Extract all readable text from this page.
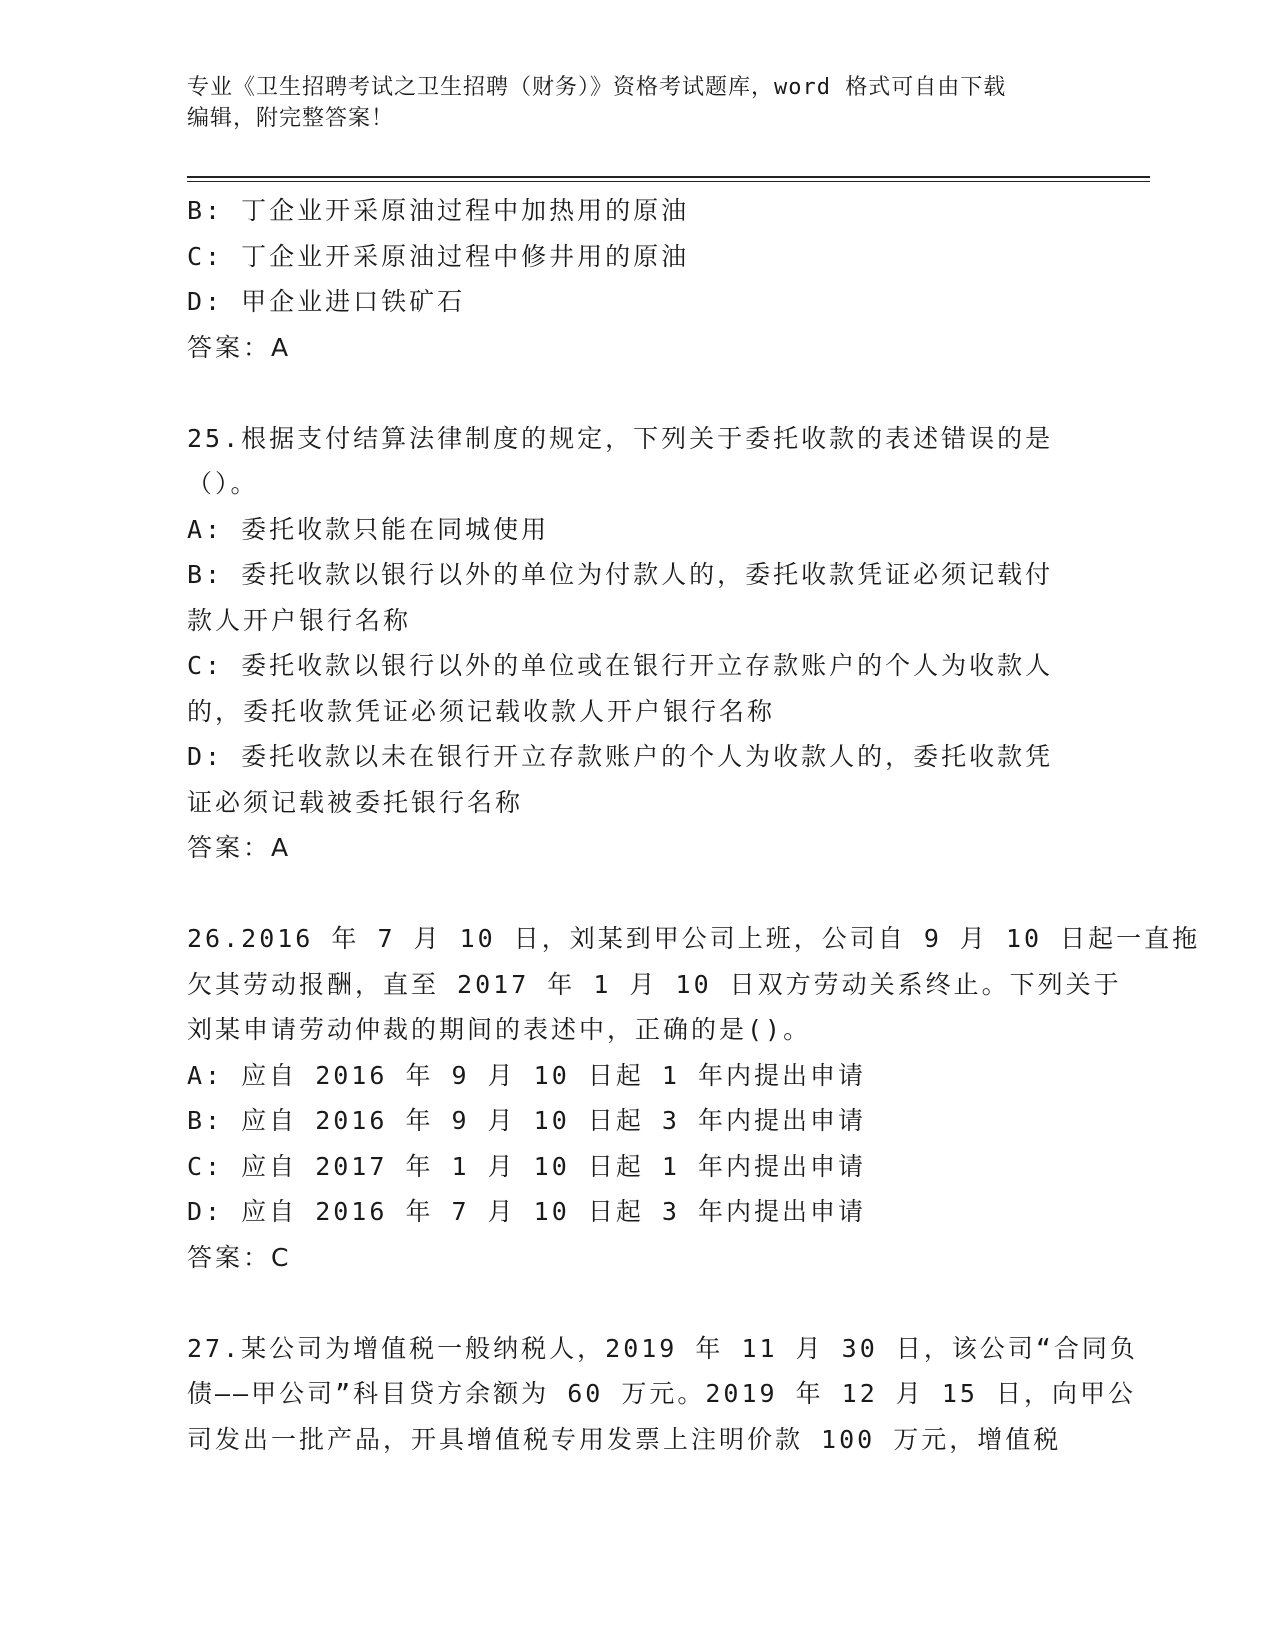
专业《卫生招聘考试之卫生招聘（财务）》资格考试题库，word 格式可自由下载
编辑，附完整答案！
B: 丁企业开采原油过程中加热用的原油
C: 丁企业开采原油过程中修井用的原油
D: 甲企业进口铁矿石
答案：A
25.根据支付结算法律制度的规定，下列关于委托收款的表述错误的是
（）。
A: 委托收款只能在同城使用
B: 委托收款以银行以外的单位为付款人的，委托收款凭证必须记载付
款人开户银行名称
C: 委托收款以银行以外的单位或在银行开立存款账户的个人为收款人
的，委托收款凭证必须记载收款人开户银行名称
D: 委托收款以未在银行开立存款账户的个人为收款人的，委托收款凭
证必须记载被委托银行名称
答案：A
26.2016 年 7 月 10 日，刘某到甲公司上班，公司自 9 月 10 日起一直拖
欠其劳动报酬，直至 2017 年 1 月 10 日双方劳动关系终止。下列关于
刘某申请劳动仲裁的期间的表述中，正确的是()。
A: 应自 2016 年 9 月 10 日起 1 年内提出申请
B: 应自 2016 年 9 月 10 日起 3 年内提出申请
C: 应自 2017 年 1 月 10 日起 1 年内提出申请
D: 应自 2016 年 7 月 10 日起 3 年内提出申请
答案：C
27.某公司为增值税一般纳税人，2019 年 11 月 30 日，该公司“合同负
债——甲公司”科目贷方余额为 60 万元。2019 年 12 月 15 日，向甲公
司发出一批产品，开具增值税专用发票上注明价款 100 万元，增值税
